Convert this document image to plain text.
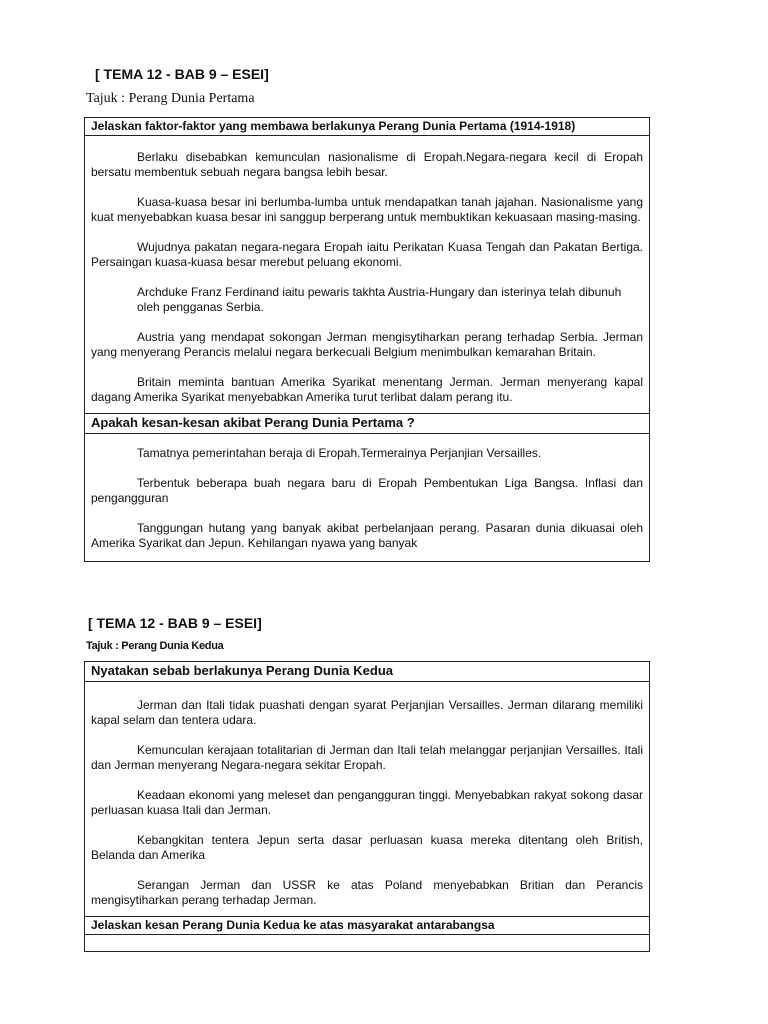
[ TEMA 12 - BAB 9 – ESEI]
Tajuk : Perang Dunia Pertama
Jelaskan faktor-faktor yang membawa berlakunya Perang Dunia Pertama (1914-1918)

Berlaku disebabkan kemunculan nasionalisme di Eropah.Negara-negara kecil di Eropah bersatu membentuk sebuah negara bangsa lebih besar.

Kuasa-kuasa besar ini berlumba-lumba untuk mendapatkan tanah jajahan. Nasionalisme yang kuat menyebabkan kuasa besar ini sanggup berperang untuk membuktikan kekuasaan masing-masing.

Wujudnya pakatan negara-negara Eropah iaitu Perikatan Kuasa Tengah dan Pakatan Bertiga. Persaingan kuasa-kuasa besar merebut peluang ekonomi.

Archduke Franz Ferdinand iaitu pewaris takhta Austria-Hungary dan isterinya telah dibunuh oleh pengganas Serbia.

Austria yang mendapat sokongan Jerman mengisytiharkan perang terhadap Serbia. Jerman yang menyerang Perancis melalui negara berkecuali Belgium menimbulkan kemarahan Britain.

Britain meminta bantuan Amerika Syarikat menentang Jerman. Jerman menyerang kapal dagang Amerika Syarikat menyebabkan Amerika turut terlibat dalam perang itu.

Apakah kesan-kesan akibat Perang Dunia Pertama ?

Tamatnya pemerintahan beraja di Eropah.Termerainya Perjanjian Versailles.

Terbentuk beberapa buah negara baru di Eropah Pembentukan Liga Bangsa. Inflasi dan pengangguran

Tanggungan hutang yang banyak akibat perbelanjaan perang. Pasaran dunia dikuasai oleh Amerika Syarikat dan Jepun. Kehilangan nyawa yang banyak

[ TEMA 12 - BAB 9 – ESEI]
Tajuk : Perang Dunia Kedua
Nyatakan sebab berlakunya Perang Dunia Kedua

Jerman dan Itali tidak puashati dengan syarat Perjanjian Versailles. Jerman dilarang memiliki kapal selam dan tentera udara.

Kemunculan kerajaan totalitarian di Jerman dan Itali telah melanggar perjanjian Versailles. Itali dan Jerman menyerang Negara-negara sekitar Eropah.

Keadaan ekonomi yang meleset dan pengangguran tinggi. Menyebabkan rakyat sokong dasar perluasan kuasa Itali dan Jerman.

Kebangkitan tentera Jepun serta dasar perluasan kuasa mereka ditentang oleh British, Belanda dan Amerika

Serangan Jerman dan USSR ke atas Poland menyebabkan Britian dan Perancis mengisytiharkan perang terhadap Jerman.

Jelaskan kesan Perang Dunia Kedua ke atas masyarakat antarabangsa
